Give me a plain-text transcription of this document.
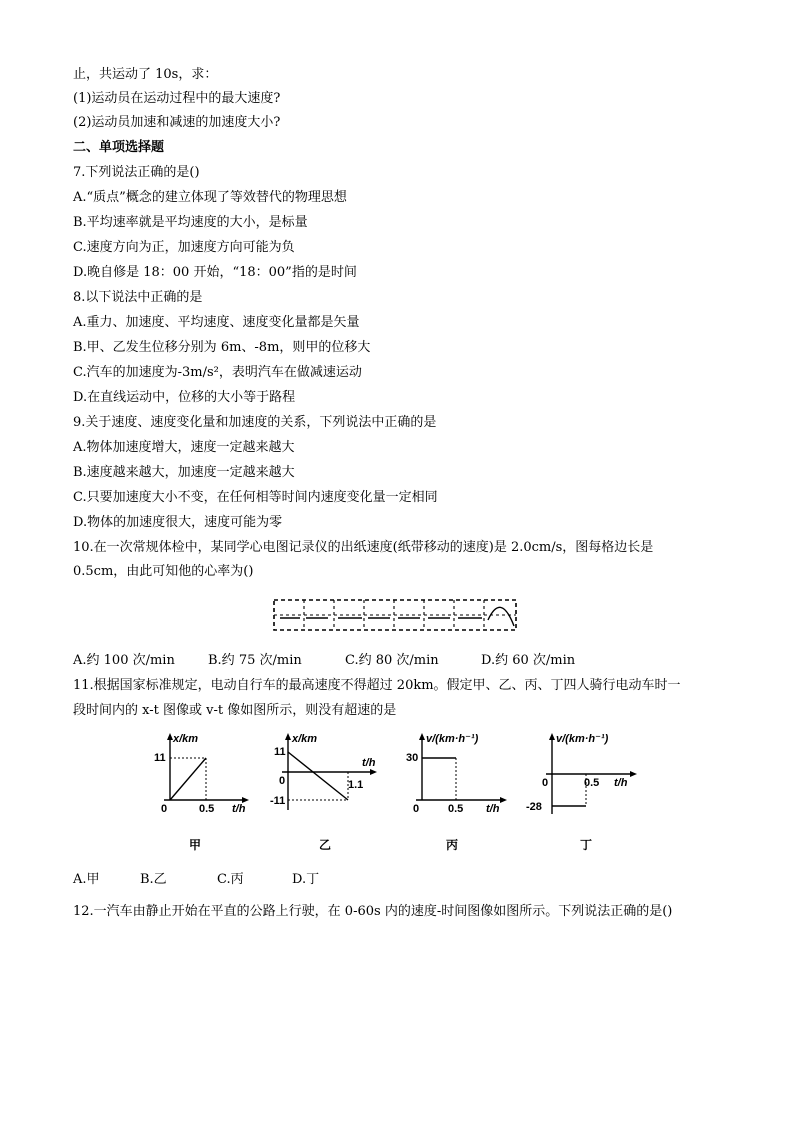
止，共运动了 10s，求：
(1)运动员在运动过程中的最大速度?
(2)运动员加速和减速的加速度大小?
二、单项选择题
7.下列说法正确的是()
A.“质点”概念的建立体现了等效替代的物理思想
B.平均速率就是平均速度的大小，是标量
C.速度方向为正，加速度方向可能为负
D.晚自修是 18：00 开始，“18：00”指的是时间
8.以下说法中正确的是
A.重力、加速度、平均速度、速度变化量都是矢量
B.甲、乙发生位移分别为 6m、-8m，则甲的位移大
C.汽车的加速度为-3m/s²，表明汽车在做减速运动
D.在直线运动中，位移的大小等于路程
9.关于速度、速度变化量和加速度的关系，下列说法中正确的是
A.物体加速度增大，速度一定越来越大
B.速度越来越大，加速度一定越来越大
C.只要加速度大小不变，在任何相等时间内速度变化量一定相同
D.物体的加速度很大，速度可能为零
10.在一次常规体检中，某同学心电图记录仪的出纸速度(纸带移动的速度)是 2.0cm/s，图每格边长是
0.5cm，由此可知他的心率为()
A.约 100 次/min	B.约 75 次/min	C.约 80 次/min	D.约 60 次/min
11.根据国家标准规定，电动自行车的最高速度不得超过 20km。假定甲、乙、丙、丁四人骑行电动车时一
段时间内的 x-t 图像或 v-t 像如图所示，则没有超速的是
x/km
11
0	0.5 t/h
甲
x/km
11
-11
0	1.1
t/h
乙
v/(km·h⁻¹)
30
0	0.5 t/h
丙
v/(km·h⁻¹)
-28
0	0.5 t/h
丁
A.甲	B.乙	C.丙	D.丁
12.一汽车由静止开始在平直的公路上行驶，在 0-60s 内的速度-时间图像如图所示。下列说法正确的是()
